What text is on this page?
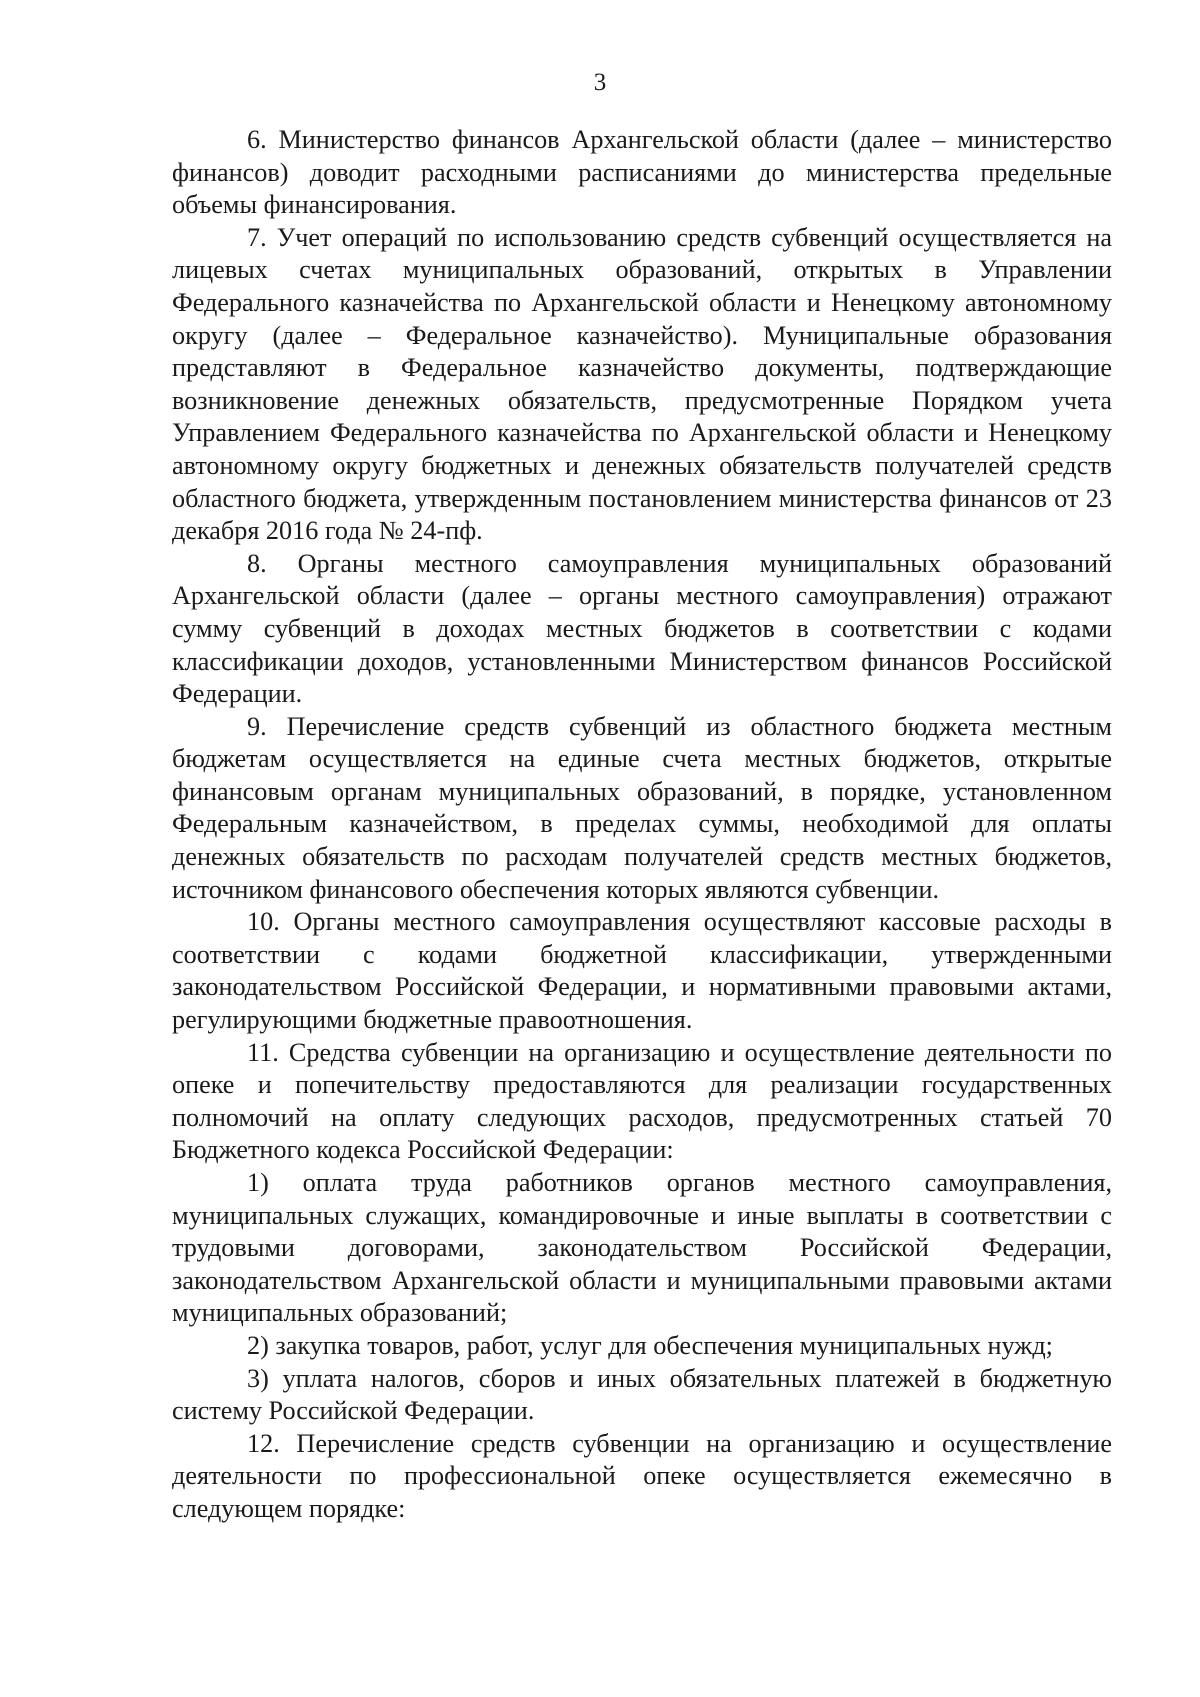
3

6. Министерство финансов Архангельской области (далее – министерство финансов) доводит расходными расписаниями до министерства предельные объемы финансирования.

7. Учет операций по использованию средств субвенций осуществляется на лицевых счетах муниципальных образований, открытых в Управлении Федерального казначейства по Архангельской области и Ненецкому автономному округу (далее – Федеральное казначейство). Муниципальные образования представляют в Федеральное казначейство документы, подтверждающие возникновение денежных обязательств, предусмотренные Порядком учета Управлением Федерального казначейства по Архангельской области и Ненецкому автономному округу бюджетных и денежных обязательств получателей средств областного бюджета, утвержденным постановлением министерства финансов от 23 декабря 2016 года № 24-пф.

8. Органы местного самоуправления муниципальных образований Архангельской области (далее – органы местного самоуправления) отражают сумму субвенций в доходах местных бюджетов в соответствии с кодами классификации доходов, установленными Министерством финансов Российской Федерации.

9. Перечисление средств субвенций из областного бюджета местным бюджетам осуществляется на единые счета местных бюджетов, открытые финансовым органам муниципальных образований, в порядке, установленном Федеральным казначейством, в пределах суммы, необходимой для оплаты денежных обязательств по расходам получателей средств местных бюджетов, источником финансового обеспечения которых являются субвенции.

10. Органы местного самоуправления осуществляют кассовые расходы в соответствии с кодами бюджетной классификации, утвержденными законодательством Российской Федерации, и нормативными правовыми актами, регулирующими бюджетные правоотношения.

11. Средства субвенции на организацию и осуществление деятельности по опеке и попечительству предоставляются для реализации государственных полномочий на оплату следующих расходов, предусмотренных статьей 70 Бюджетного кодекса Российской Федерации:

1) оплата труда работников органов местного самоуправления, муниципальных служащих, командировочные и иные выплаты в соответствии с трудовыми договорами, законодательством Российской Федерации, законодательством Архангельской области и муниципальными правовыми актами муниципальных образований;

2) закупка товаров, работ, услуг для обеспечения муниципальных нужд;

3) уплата налогов, сборов и иных обязательных платежей в бюджетную систему Российской Федерации.

12. Перечисление средств субвенции на организацию и осуществление деятельности по профессиональной опеке осуществляется ежемесячно в следующем порядке:
